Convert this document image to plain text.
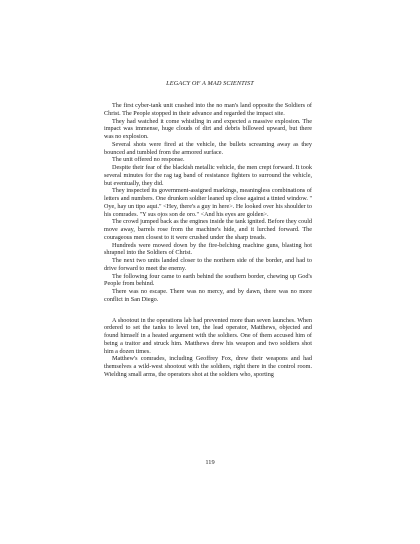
LEGACY OF A MAD SCIENTIST

The first cyber-tank unit crashed into the no man's land opposite the Soldiers of Christ. The People stopped in their advance and regarded the impact site.

They had watched it come whistling in and expected a massive explosion. The impact was immense, huge clouds of dirt and debris billowed upward, but there was no explosion.

Several shots were fired at the vehicle, the bullets screaming away as they bounced and tumbled from the armored surface.

The unit offered no response.

Despite their fear of the blackish metallic vehicle, the men crept forward. It took several minutes for the rag tag band of resistance fighters to surround the vehicle, but eventually, they did.

They inspected its government-assigned markings, meaningless combinations of letters and numbers. One drunken soldier leaned up close against a tinted window. " Oye, hay un tipo aqui." <Hey, there's a guy in here>. He looked over his shoulder to his comrades. "Y sus ojos son de oro." <And his eyes are golden>.

The crowd jumped back as the engines inside the tank ignited. Before they could move away, barrels rose from the machine's hide, and it lurched forward. The courageous men closest to it were crushed under the sharp treads.

Hundreds were mowed down by the fire-belching machine guns, blasting hot shrapnel into the Soldiers of Christ.

The next two units landed closer to the northern side of the border, and had to drive forward to meet the enemy.

The following four came to earth behind the southern border, chewing up God's People from behind.

There was no escape. There was no mercy, and by dawn, there was no more conflict in San Diego.

A shootout in the operations lab had prevented more than seven launches. When ordered to set the tanks to level ten, the lead operator, Matthews, objected and found himself in a heated argument with the soldiers. One of them accused him of being a traitor and struck him. Matthews drew his weapon and two soldiers shot him a dozen times.

Matthew's comrades, including Geoffrey Fox, drew their weapons and had themselves a wild-west shootout with the soldiers, right there in the control room. Wielding small arms, the operators shot at the soldiers who, sporting

119
